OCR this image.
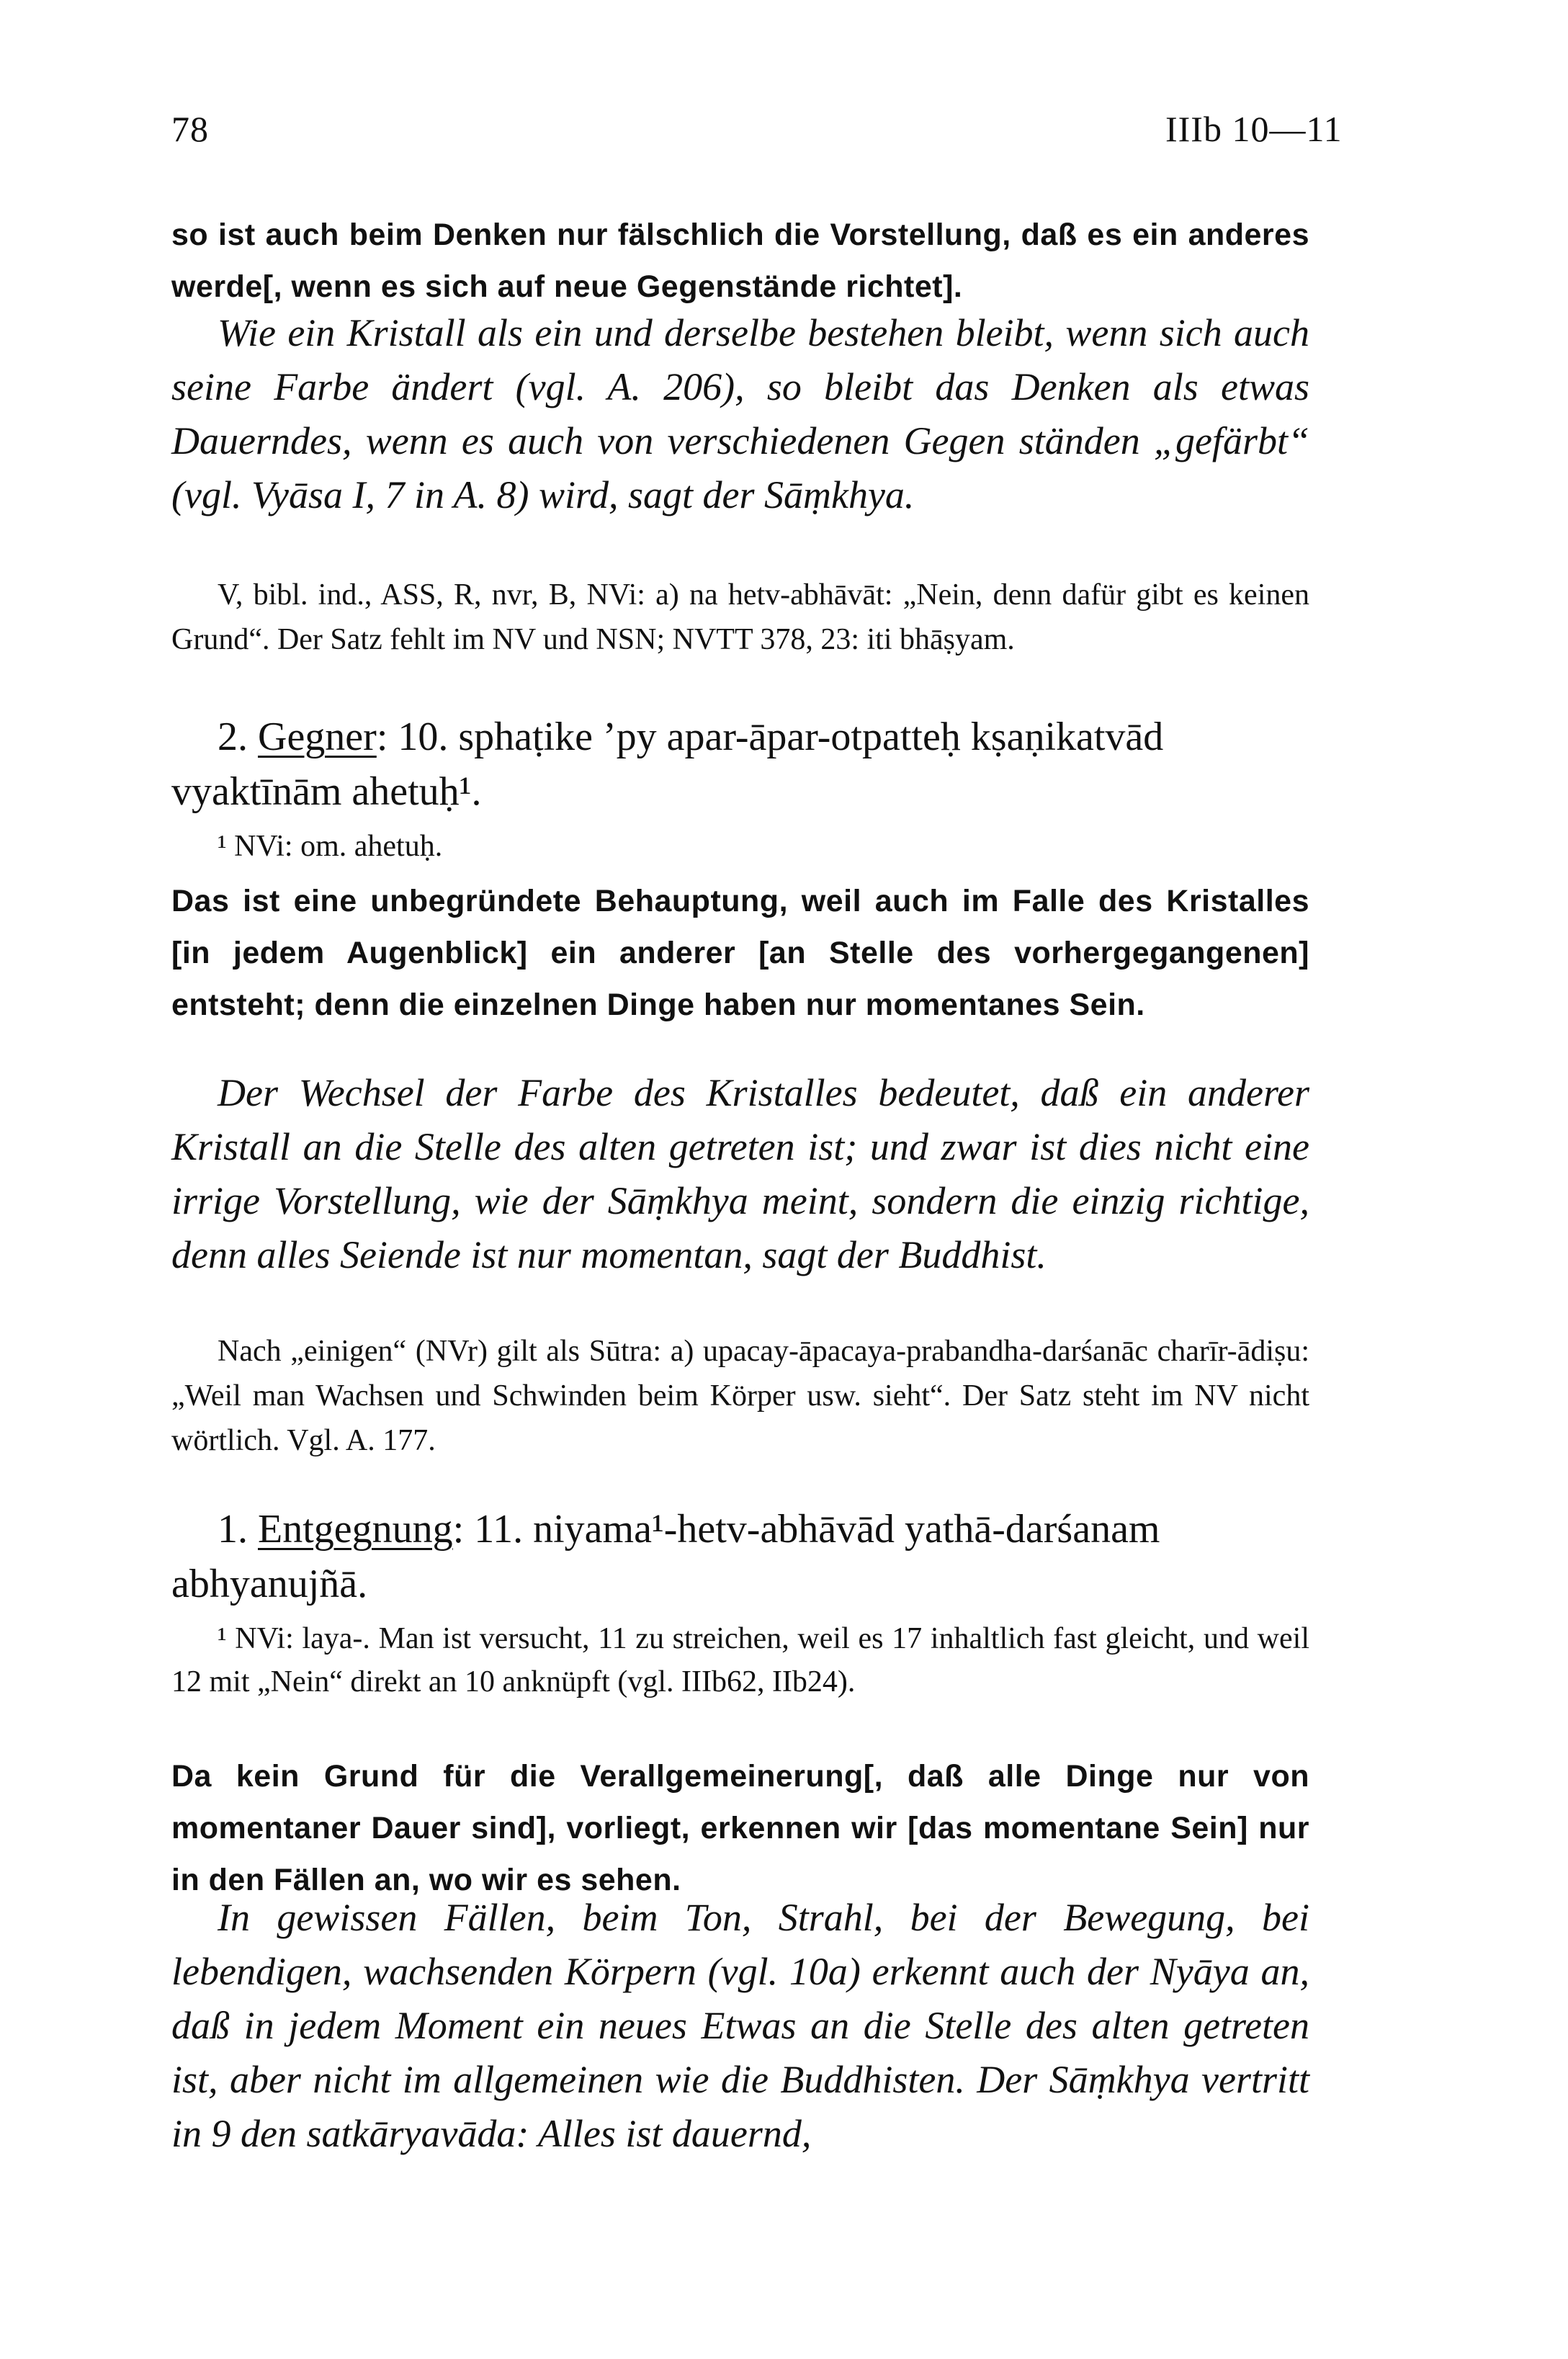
78	IIIb 10—11

so ist auch beim Denken nur fälschlich die Vorstellung, daß es ein anderes werde[, wenn es sich auf neue Gegenstände richtet].

Wie ein Kristall als ein und derselbe bestehen bleibt, wenn sich auch seine Farbe ändert (vgl. A. 206), so bleibt das Denken als etwas Dauerndes, wenn es auch von verschiedenen Gegen ständen „gefärbt“ (vgl. Vyāsa I, 7 in A. 8) wird, sagt der Sāṃkhya.

V, bibl. ind., ASS, R, nvr, B, NVi: a) na hetv-abhāvāt: „Nein, denn dafür gibt es keinen Grund“. Der Satz fehlt im NV und NSN; NVTT 378, 23: iti bhāṣyam.

2. Gegner: 10. sphaṭike ’py apar-āpar-otpatteḥ kṣaṇikatvād vyaktīnām ahetuḥ¹.

¹ NVi: om. ahetuḥ.

Das ist eine unbegründete Behauptung, weil auch im Falle des Kristalles [in jedem Augenblick] ein anderer [an Stelle des vorhergegangenen] entsteht; denn die einzelnen Dinge haben nur momentanes Sein.

Der Wechsel der Farbe des Kristalles bedeutet, daß ein anderer Kristall an die Stelle des alten getreten ist; und zwar ist dies nicht eine irrige Vorstellung, wie der Sāṃkhya meint, sondern die einzig richtige, denn alles Seiende ist nur momentan, sagt der Buddhist.

Nach „einigen“ (NVr) gilt als Sūtra: a) upacay-āpacaya-prabandha-darśanāc charīr-ādiṣu: „Weil man Wachsen und Schwinden beim Körper usw. sieht“. Der Satz steht im NV nicht wörtlich. Vgl. A. 177.

1. Entgegnung: 11. niyama¹-hetv-abhāvād yathā-darśanam abhyanujñā.

¹ NVi: laya-. Man ist versucht, 11 zu streichen, weil es 17 inhaltlich fast gleicht, und weil 12 mit „Nein“ direkt an 10 anknüpft (vgl. IIIb62, IIb24).

Da kein Grund für die Verallgemeinerung[, daß alle Dinge nur von momentaner Dauer sind], vorliegt, erkennen wir [das momentane Sein] nur in den Fällen an, wo wir es sehen.

In gewissen Fällen, beim Ton, Strahl, bei der Bewegung, bei lebendigen, wachsenden Körpern (vgl. 10a) erkennt auch der Nyāya an, daß in jedem Moment ein neues Etwas an die Stelle des alten getreten ist, aber nicht im allgemeinen wie die Buddhisten. Der Sāṃkhya vertritt in 9 den satkāryavāda: Alles ist dauernd,
